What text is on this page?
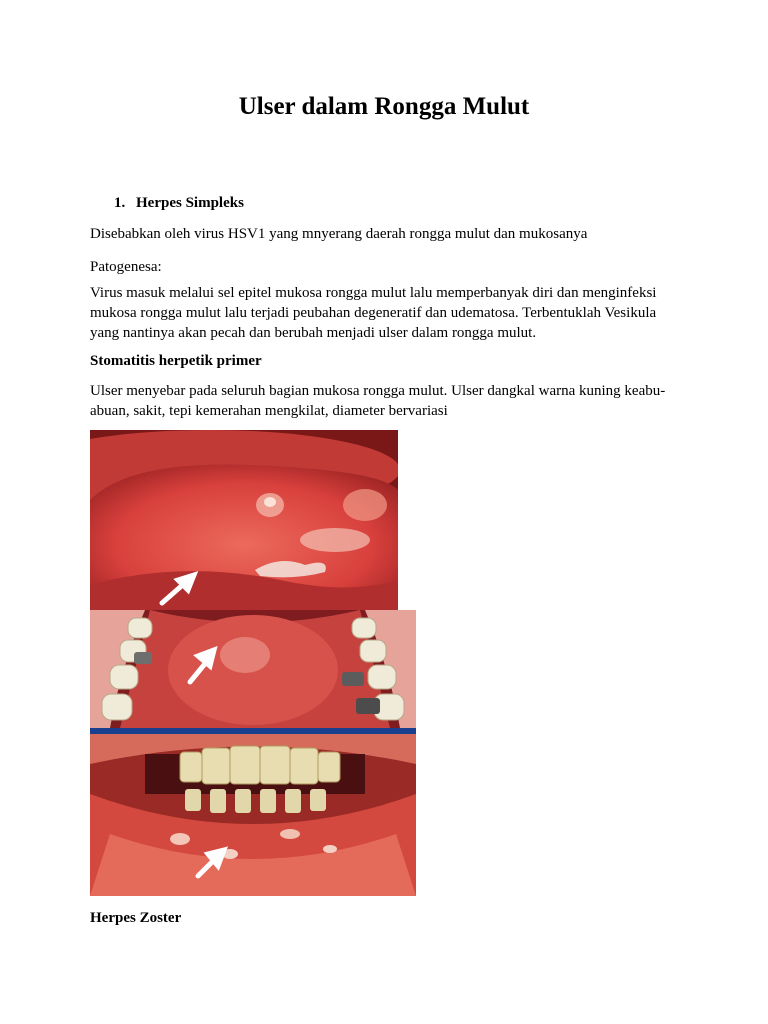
Ulser dalam Rongga Mulut

1. Herpes Simpleks

Disebabkan oleh virus HSV1 yang mnyerang daerah rongga mulut dan mukosanya

Patogenesa:

Virus masuk melalui sel epitel mukosa rongga mulut lalu memperbanyak diri dan menginfeksi mukosa rongga mulut lalu terjadi peubahan degeneratif dan udematosa. Terbentuklah Vesikula yang nantinya akan pecah dan berubah menjadi ulser dalam rongga mulut.

Stomatitis herpetik primer

Ulser menyebar pada seluruh bagian mukosa rongga mulut. Ulser dangkal warna kuning keabu-abuan, sakit, tepi kemerahan mengkilat, diameter bervariasi

Herpes Zoster
